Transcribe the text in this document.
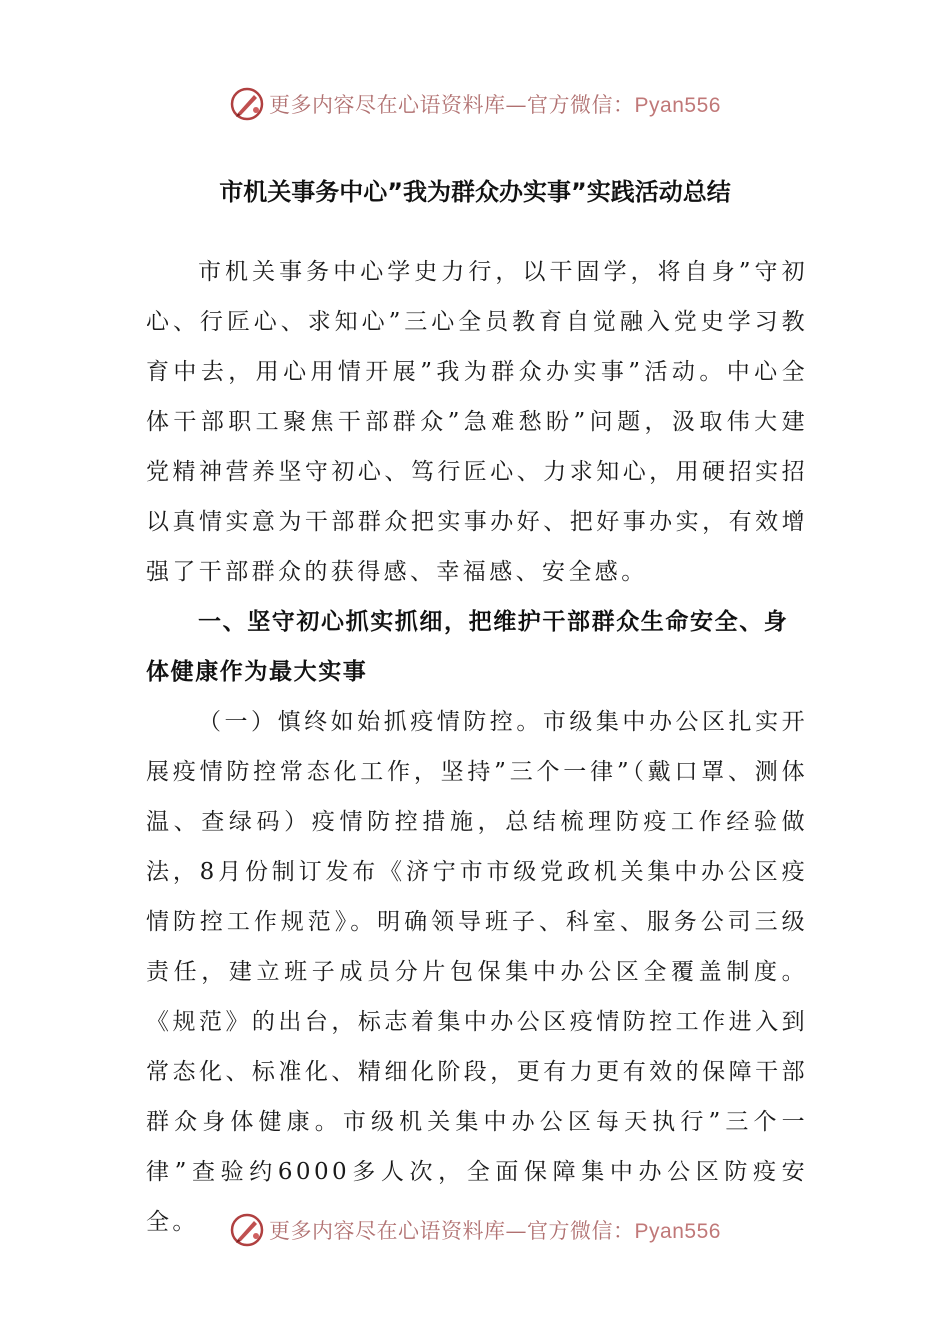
更多内容尽在心语资料库—官方微信：Pyan556
市机关事务中心”我为群众办实事”实践活动总结

市机关事务中心学史力行，以干固学，将自身”守初心、行匠心、求知心”三心全员教育自觉融入党史学习教育中去，用心用情开展”我为群众办实事”活动。中心全体干部职工聚焦干部群众”急难愁盼”问题，汲取伟大建党精神营养坚守初心、笃行匠心、力求知心，用硬招实招以真情实意为干部群众把实事办好、把好事办实，有效增强了干部群众的获得感、幸福感、安全感。

一、坚守初心抓实抓细，把维护干部群众生命安全、身体健康作为最大实事

（一）慎终如始抓疫情防控。市级集中办公区扎实开展疫情防控常态化工作，坚持”三个一律”（戴口罩、测体温、查绿码）疫情防控措施，总结梳理防疫工作经验做法，8月份制订发布《济宁市市级党政机关集中办公区疫情防控工作规范》。明确领导班子、科室、服务公司三级责任，建立班子成员分片包保集中办公区全覆盖制度。《规范》的出台，标志着集中办公区疫情防控工作进入到常态化、标准化、精细化阶段，更有力更有效的保障干部群众身体健康。市级机关集中办公区每天执行”三个一律”查验约6000多人次，全面保障集中办公区防疫安全。	更多内容尽在心语资料库—官方微信：Pyan556
